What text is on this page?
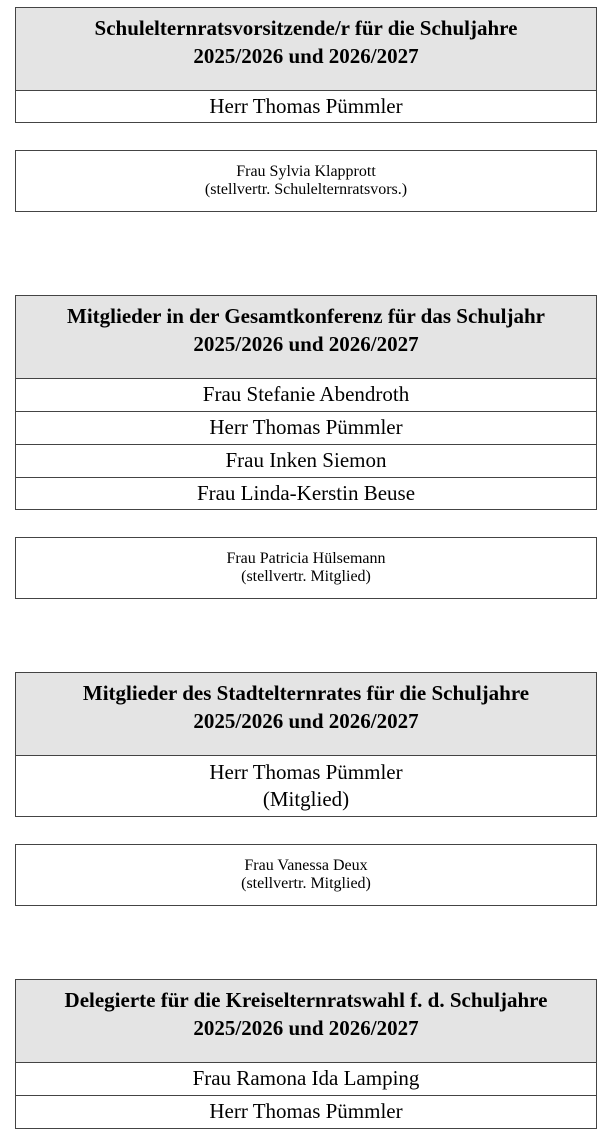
Schulelternratsvorsitzende/r für die Schuljahre
2025/2026 und 2026/2027
Herr Thomas Pümmler
Frau Sylvia Klapprott
(stellvertr. Schulelternratsvors.)
Mitglieder in der Gesamtkonferenz für das Schuljahr
2025/2026 und 2026/2027
Frau Stefanie Abendroth
Herr Thomas Pümmler
Frau Inken Siemon
Frau Linda-Kerstin Beuse
Frau Patricia Hülsemann
(stellvertr. Mitglied)
Mitglieder des Stadtelternrates für die Schuljahre
2025/2026 und 2026/2027
Herr Thomas Pümmler
(Mitglied)
Frau Vanessa Deux
(stellvertr. Mitglied)
Delegierte für die Kreiselternratswahl f. d. Schuljahre
2025/2026 und 2026/2027
Frau Ramona Ida Lamping
Herr Thomas Pümmler
